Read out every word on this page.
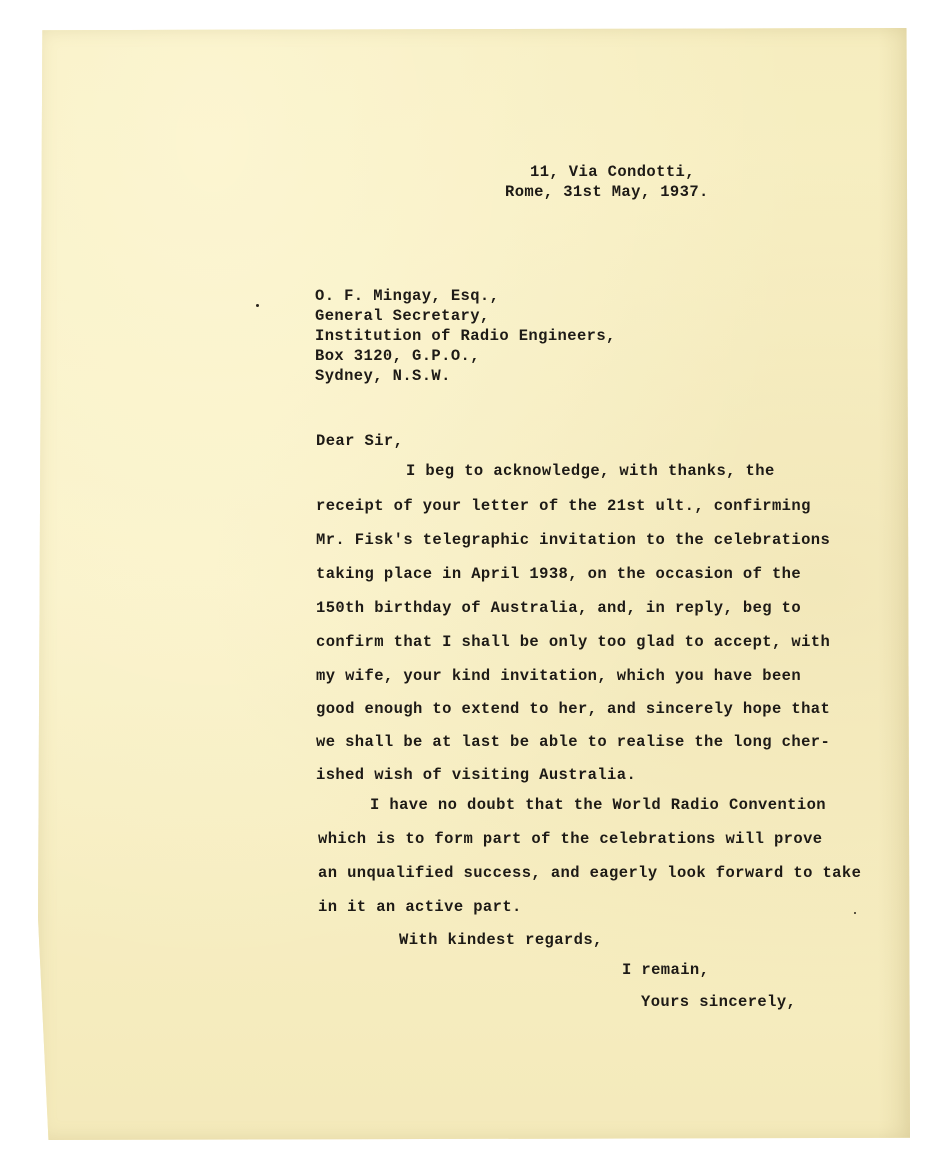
11, Via Condotti,
Rome, 31st May, 1937.
O. F. Mingay, Esq.,
General Secretary,
Institution of Radio Engineers,
Box 3120, G.P.O.,
Sydney, N.S.W.
Dear Sir,
I beg to acknowledge, with thanks, the
receipt of your letter of the 21st ult., confirming
Mr. Fisk's telegraphic invitation to the celebrations
taking place in April 1938, on the occasion of the
150th birthday of Australia, and, in reply, beg to
confirm that I shall be only too glad to accept, with
my wife, your kind invitation, which you have been
good enough to extend to her, and sincerely hope that
we shall be at last be able to realise the long cher-
ished wish of visiting Australia.
I have no doubt that the World Radio Convention
which is to form part of the celebrations will prove
an unqualified success, and eagerly look forward to take
in it an active part.
With kindest regards,
I remain,
Yours sincerely,
